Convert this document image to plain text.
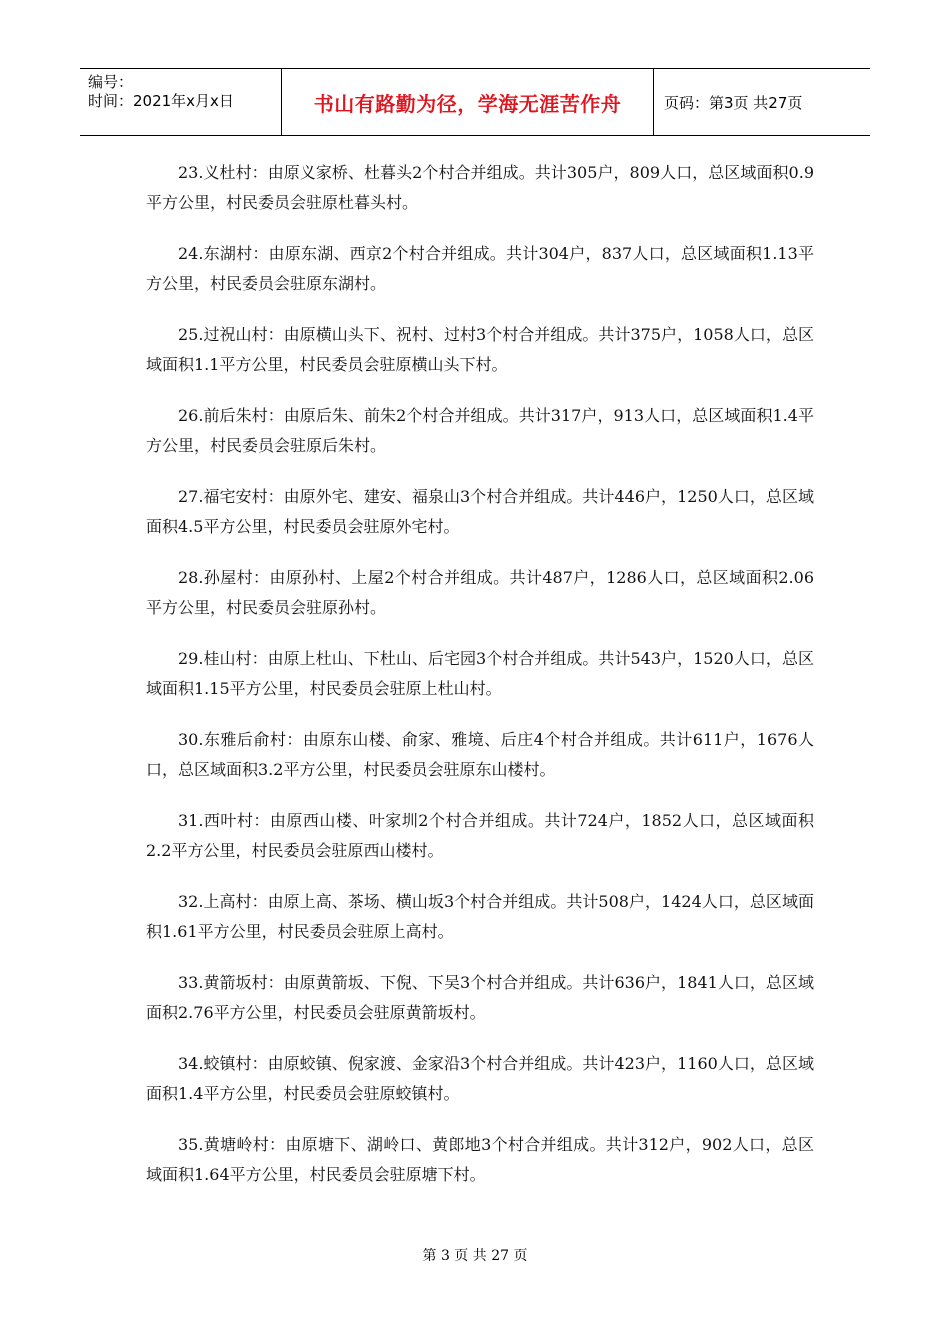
编号：
时间：2021年x月x日	书山有路勤为径，学海无涯苦作舟	页码：第3页 共27页

23.义杜村：由原义家桥、杜暮头2个村合并组成。共计305户，809人口，总区域面积0.9平方公里，村民委员会驻原杜暮头村。

24.东湖村：由原东湖、西京2个村合并组成。共计304户，837人口，总区域面积1.13平方公里，村民委员会驻原东湖村。

25.过祝山村：由原横山头下、祝村、过村3个村合并组成。共计375户，1058人口，总区域面积1.1平方公里，村民委员会驻原横山头下村。

26.前后朱村：由原后朱、前朱2个村合并组成。共计317户，913人口，总区域面积1.4平方公里，村民委员会驻原后朱村。

27.福宅安村：由原外宅、建安、福泉山3个村合并组成。共计446户，1250人口，总区域面积4.5平方公里，村民委员会驻原外宅村。

28.孙屋村：由原孙村、上屋2个村合并组成。共计487户，1286人口，总区域面积2.06平方公里，村民委员会驻原孙村。

29.桂山村：由原上杜山、下杜山、后宅园3个村合并组成。共计543户，1520人口，总区域面积1.15平方公里，村民委员会驻原上杜山村。

30.东雅后俞村：由原东山楼、俞家、雅境、后庄4个村合并组成。共计611户，1676人口，总区域面积3.2平方公里，村民委员会驻原东山楼村。

31.西叶村：由原西山楼、叶家圳2个村合并组成。共计724户，1852人口，总区域面积2.2平方公里，村民委员会驻原西山楼村。

32.上高村：由原上高、茶场、横山坂3个村合并组成。共计508户，1424人口，总区域面积1.61平方公里，村民委员会驻原上高村。

33.黄箭坂村：由原黄箭坂、下倪、下吴3个村合并组成。共计636户，1841人口，总区域面积2.76平方公里，村民委员会驻原黄箭坂村。

34.蛟镇村：由原蛟镇、倪家渡、金家沿3个村合并组成。共计423户，1160人口，总区域面积1.4平方公里，村民委员会驻原蛟镇村。

35.黄塘岭村：由原塘下、湖岭口、黄郎地3个村合并组成。共计312户，902人口，总区域面积1.64平方公里，村民委员会驻原塘下村。

第 3 页 共 27 页
